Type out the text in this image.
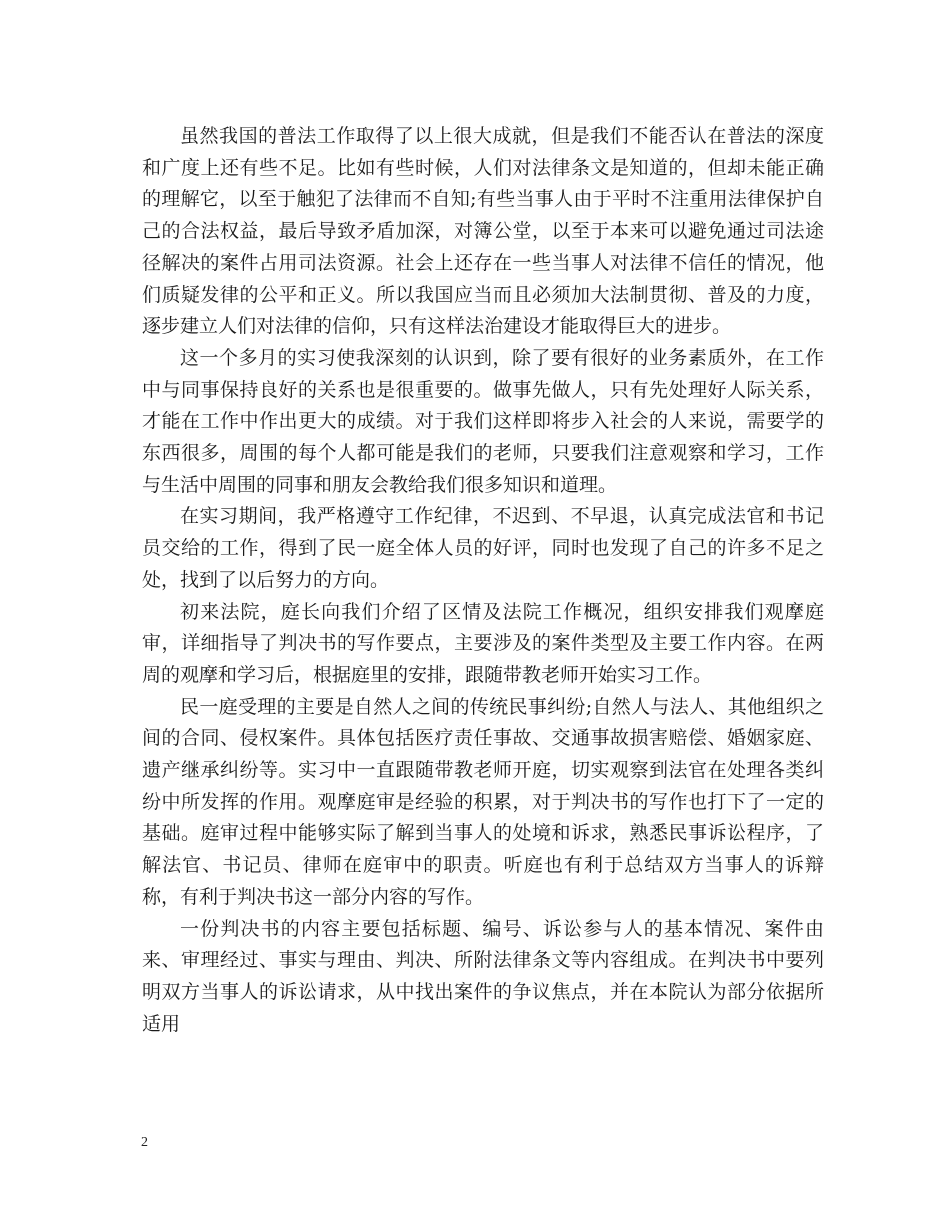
虽然我国的普法工作取得了以上很大成就，但是我们不能否认在普法的深度和广度上还有些不足。比如有些时候，人们对法律条文是知道的，但却未能正确的理解它，以至于触犯了法律而不自知;有些当事人由于平时不注重用法律保护自己的合法权益，最后导致矛盾加深，对簿公堂，以至于本来可以避免通过司法途径解决的案件占用司法资源。社会上还存在一些当事人对法律不信任的情况，他们质疑发律的公平和正义。所以我国应当而且必须加大法制贯彻、普及的力度，逐步建立人们对法律的信仰，只有这样法治建设才能取得巨大的进步。

这一个多月的实习使我深刻的认识到，除了要有很好的业务素质外，在工作中与同事保持良好的关系也是很重要的。做事先做人，只有先处理好人际关系，才能在工作中作出更大的成绩。对于我们这样即将步入社会的人来说，需要学的东西很多，周围的每个人都可能是我们的老师，只要我们注意观察和学习，工作与生活中周围的同事和朋友会教给我们很多知识和道理。

在实习期间，我严格遵守工作纪律，不迟到、不早退，认真完成法官和书记员交给的工作，得到了民一庭全体人员的好评，同时也发现了自己的许多不足之处，找到了以后努力的方向。

初来法院，庭长向我们介绍了区情及法院工作概况，组织安排我们观摩庭审，详细指导了判决书的写作要点，主要涉及的案件类型及主要工作内容。在两周的观摩和学习后，根据庭里的安排，跟随带教老师开始实习工作。

民一庭受理的主要是自然人之间的传统民事纠纷;自然人与法人、其他组织之间的合同、侵权案件。具体包括医疗责任事故、交通事故损害赔偿、婚姻家庭、遗产继承纠纷等。实习中一直跟随带教老师开庭，切实观察到法官在处理各类纠纷中所发挥的作用。观摩庭审是经验的积累，对于判决书的写作也打下了一定的基础。庭审过程中能够实际了解到当事人的处境和诉求，熟悉民事诉讼程序，了解法官、书记员、律师在庭审中的职责。听庭也有利于总结双方当事人的诉辩称，有利于判决书这一部分内容的写作。

一份判决书的内容主要包括标题、编号、诉讼参与人的基本情况、案件由来、审理经过、事实与理由、判决、所附法律条文等内容组成。在判决书中要列明双方当事人的诉讼请求，从中找出案件的争议焦点，并在本院认为部分依据所适用

2
